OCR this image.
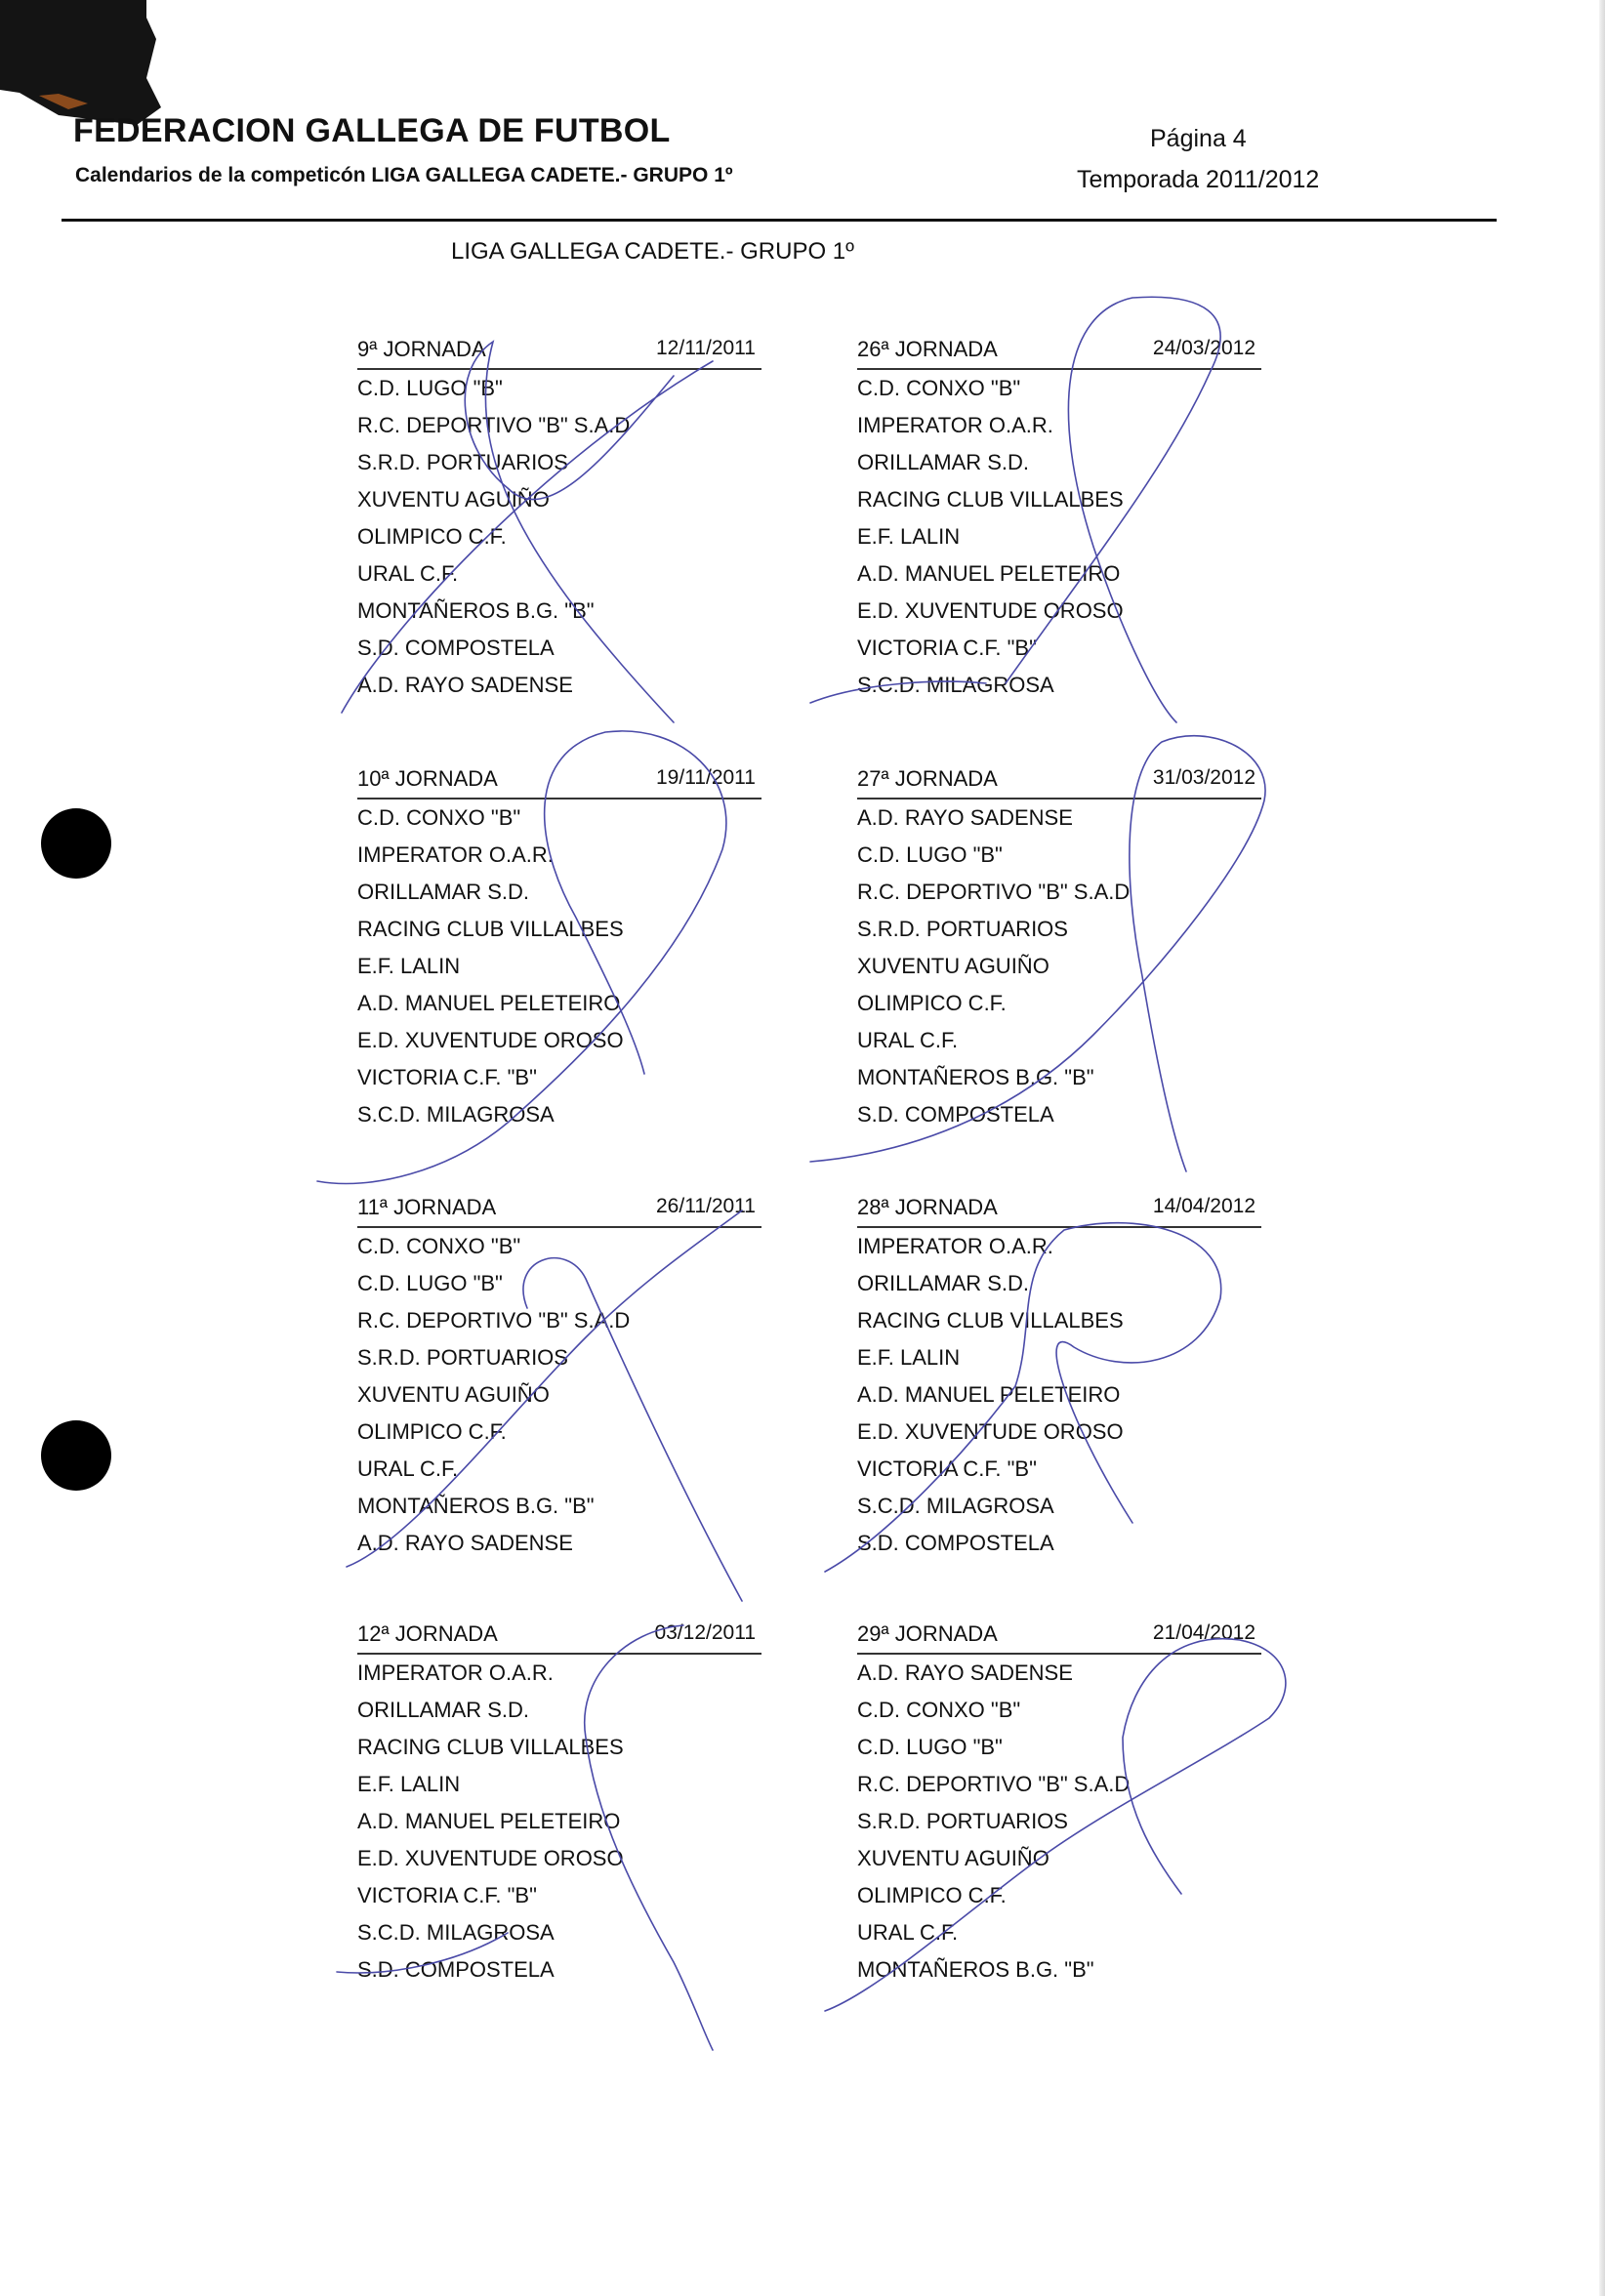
FEDERACION GALLEGA DE FUTBOL
Calendarios de la competicón LIGA GALLEGA CADETE.- GRUPO 1º
Página 4
Temporada 2011/2012
LIGA GALLEGA CADETE.- GRUPO 1º
9ª JORNADA	12/11/2011
C.D. LUGO "B"
R.C. DEPORTIVO "B" S.A.D
S.R.D. PORTUARIOS
XUVENTU AGUIÑO
OLIMPICO C.F.
URAL C.F.
MONTAÑEROS B.G. "B"
S.D. COMPOSTELA
A.D. RAYO SADENSE
26ª JORNADA	24/03/2012
C.D. CONXO "B"
IMPERATOR O.A.R.
ORILLAMAR S.D.
RACING CLUB VILLALBES
E.F. LALIN
A.D. MANUEL PELETEIRO
E.D. XUVENTUDE OROSO
VICTORIA C.F. "B"
S.C.D. MILAGROSA
10ª JORNADA	19/11/2011
C.D. CONXO "B"
IMPERATOR O.A.R.
ORILLAMAR S.D.
RACING CLUB VILLALBES
E.F. LALIN
A.D. MANUEL PELETEIRO
E.D. XUVENTUDE OROSO
VICTORIA C.F. "B"
S.C.D. MILAGROSA
27ª JORNADA	31/03/2012
A.D. RAYO SADENSE
C.D. LUGO "B"
R.C. DEPORTIVO "B" S.A.D
S.R.D. PORTUARIOS
XUVENTU AGUIÑO
OLIMPICO C.F.
URAL C.F.
MONTAÑEROS B.G. "B"
S.D. COMPOSTELA
11ª JORNADA	26/11/2011
C.D. CONXO "B"
C.D. LUGO "B"
R.C. DEPORTIVO "B" S.A.D
S.R.D. PORTUARIOS
XUVENTU AGUIÑO
OLIMPICO C.F.
URAL C.F.
MONTAÑEROS B.G. "B"
A.D. RAYO SADENSE
28ª JORNADA	14/04/2012
IMPERATOR O.A.R.
ORILLAMAR S.D.
RACING CLUB VILLALBES
E.F. LALIN
A.D. MANUEL PELETEIRO
E.D. XUVENTUDE OROSO
VICTORIA C.F. "B"
S.C.D. MILAGROSA
S.D. COMPOSTELA
12ª JORNADA	03/12/2011
IMPERATOR O.A.R.
ORILLAMAR S.D.
RACING CLUB VILLALBES
E.F. LALIN
A.D. MANUEL PELETEIRO
E.D. XUVENTUDE OROSO
VICTORIA C.F. "B"
S.C.D. MILAGROSA
S.D. COMPOSTELA
29ª JORNADA	21/04/2012
A.D. RAYO SADENSE
C.D. CONXO "B"
C.D. LUGO "B"
R.C. DEPORTIVO "B" S.A.D
S.R.D. PORTUARIOS
XUVENTU AGUIÑO
OLIMPICO C.F.
URAL C.F.
MONTAÑEROS B.G. "B"
